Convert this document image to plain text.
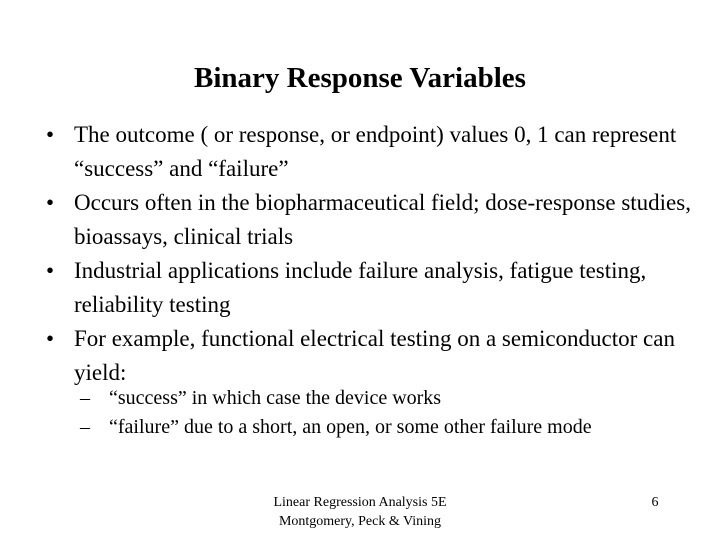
Binary Response Variables
• The outcome ( or response, or endpoint) values 0, 1 can represent “success” and “failure”
• Occurs often in the biopharmaceutical field; dose-response studies, bioassays, clinical trials
• Industrial applications include failure analysis, fatigue testing, reliability testing
• For example, functional electrical testing on a semiconductor can yield:
– “success” in which case the device works
– “failure” due to a short, an open, or some other failure mode
Linear Regression Analysis 5E
Montgomery, Peck & Vining
6
